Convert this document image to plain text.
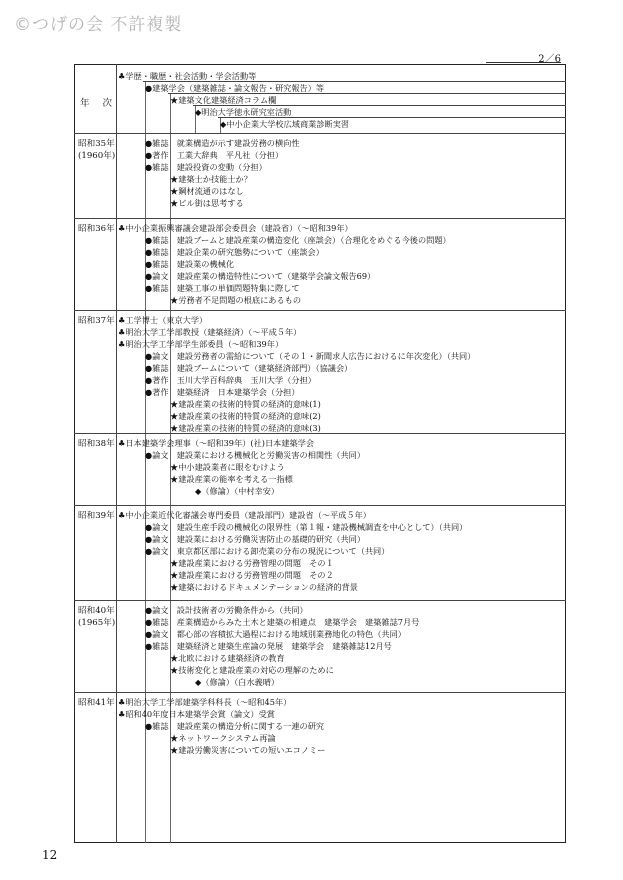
©つげの会 不許複製
2／6
年 次
♣学歴・職歴・社会活動・学会活動等
●建築学会（建築雑誌・論文報告・研究報告）等
★建築文化建築経済コラム欄
◆明治大学徳永研究室活動
◆中小企業大学校広域商業診断実習
昭和35年
(1960年)
●雑誌　就業構造が示す建設労務の横向性
●著作　工業大辞典　平凡社（分担）
●雑誌　建設投資の変動（分担）
★建築士か技能士か？
★鋼材流通のはなし
★ビル街は思考する
昭和36年 ♣中小企業振興審議会建設部会委員会（建設省）（〜昭和39年）
●雑誌　建設ブームと建設産業の構造変化（座談会）（合理化をめぐる今後の問題）
●雑誌　建設企業の研究態勢について（座談会）
●雑誌　建設業の機械化
●論文　建設産業の構造特性について（建築学会論文報告69）
●雑誌　建築工事の単価問題特集に際して
★労務者不足問題の根底にあるもの
昭和37年 ♣工学博士（東京大学）
♣明治大学工学部教授（建築経済）（〜平成５年）
♣明治大学工学部学生部委員（〜昭和39年）
●論文　建設労務者の需給について（その１・新聞求人広告におけるに年次変化）（共同）
●雑誌　建設ブームについて（建築経済部門）（協議会）
●著作　玉川大学百科辞典　玉川大学（分担）
●著作　建築経済　日本建築学会（分担）
★建設産業の技術的特質の経済的意味(1)
★建設産業の技術的特質の経済的意味(2)
★建設産業の技術的特質の経済的意味(3)
昭和38年 ♣日本建築学会理事（〜昭和39年）(社)日本建築学会
●論文　建設業における機械化と労働災害の相関性（共同）
★中小建設業者に眼をむけよう
★建設産業の能率を考える一指標
◆（修論）（中村幸安）
昭和39年 ♣中小企業近代化審議会専門委員（建設部門）建設省（〜平成５年）
●論文　建設生産手段の機械化の限界性（第１報・建設機械調査を中心として）（共同）
●論文　建設業における労働災害防止の基礎的研究（共同）
●論文　東京都区部における卸売業の分布の現況について（共同）
★建設産業における労務管理の問題　その１
★建設産業における労務管理の問題　その２
★建築におけるドキュメンテーションの経済的背景
昭和40年
(1965年)
●論文　設計技術者の労働条件から（共同）
●雑誌　産業構造からみた土木と建築の相違点　建築学会　建築雑誌7月号
●論文　都心部の容積拡大過程における地域別業務地化の特色（共同）
●雑誌　建築経済と建築生産論の発展　建築学会　建築雑誌12月号
★北欧における建築経済の教育
★技術変化と建設産業の対応の理解のために
◆（修論）（白水義晴）
昭和41年 ♣明治大学工学部建築学科科長（〜昭和45年）
♣昭和40年度日本建築学会賞（論文）受賞
●雑誌　建設産業の構造分析に関する一連の研究
★ネットワークシステム再論
★建設労働災害についての短いエコノミー
12
